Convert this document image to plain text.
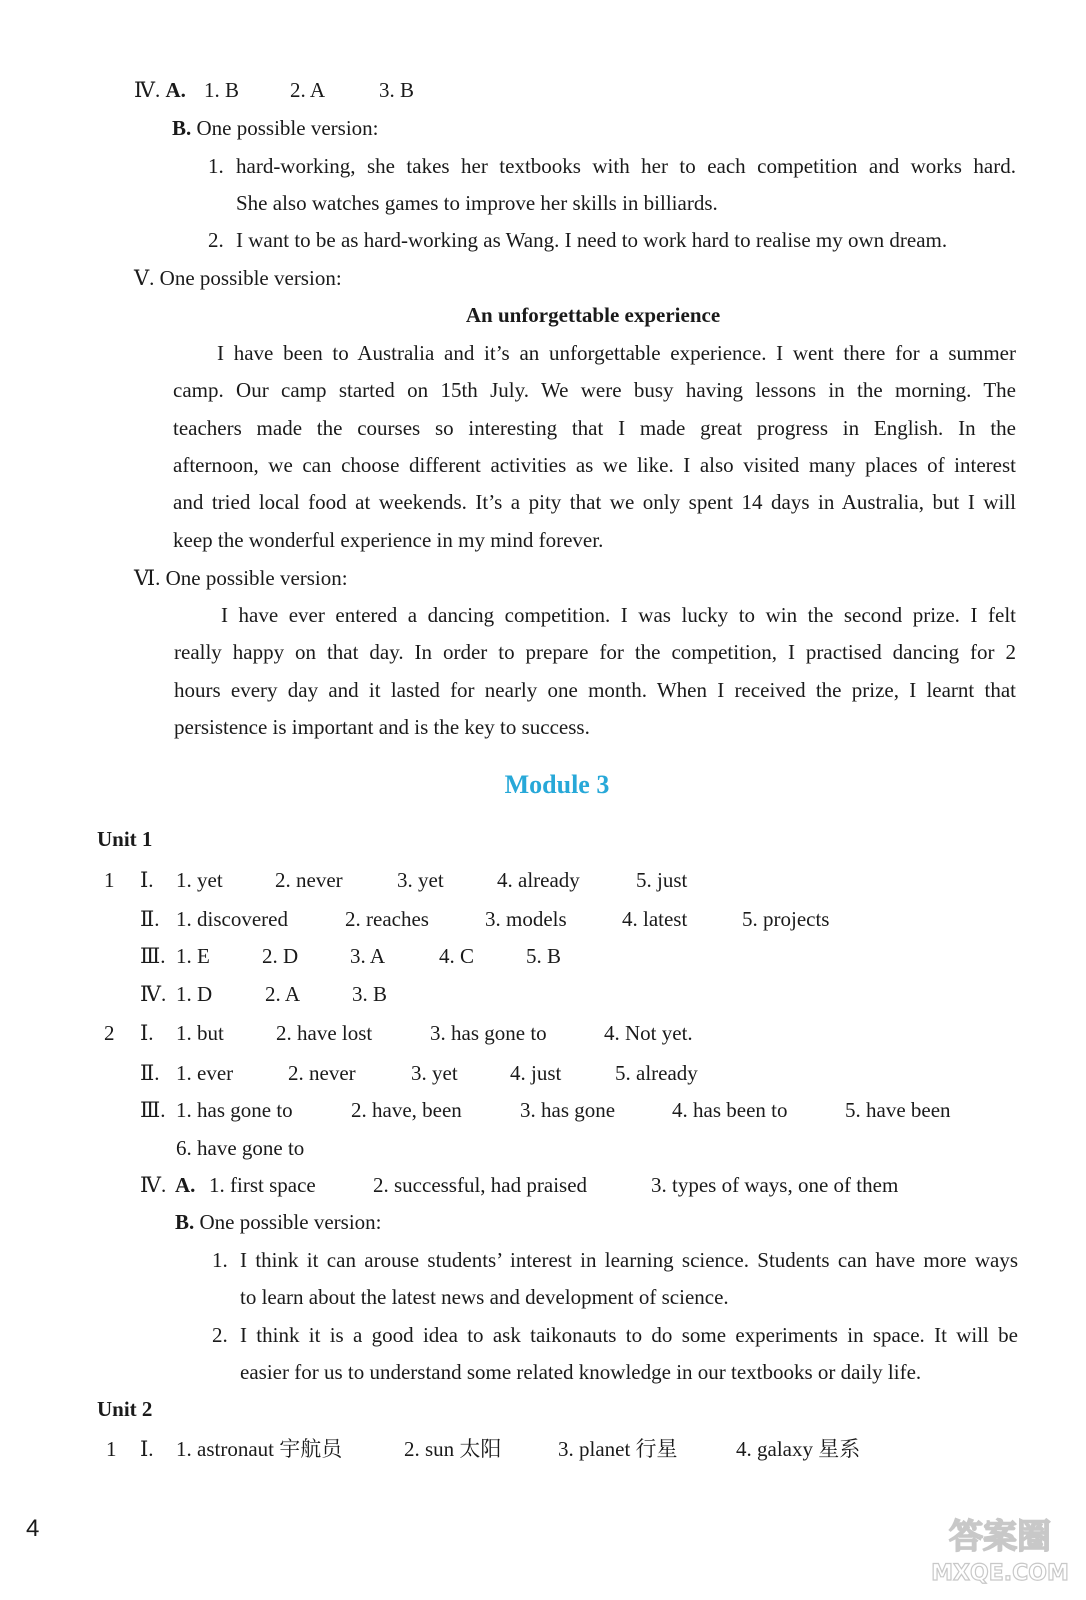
Ⅳ. A. 1. B 2. A	3. B
B. One possible version:
1. hard-working, she takes her textbooks with her to each competition and works hard.
She also watches games to improve her skills in billiards.
2. I want to be as hard-working as Wang. I need to work hard to realise my own dream.
Ⅴ. One possible version:
An unforgettable experience
I have been to Australia and it’s an unforgettable experience. I went there for a summer
camp. Our camp started on 15th July. We were busy having lessons in the morning. The
teachers made the courses so interesting that I made great progress in English. In the
afternoon, we can choose different activities as we like. I also visited many places of interest
and tried local food at weekends. It’s a pity that we only spent 14 days in Australia, but I will
keep the wonderful experience in my mind forever.
Ⅵ. One possible version:
I have ever entered a dancing competition. I was lucky to win the second prize. I felt
really happy on that day. In order to prepare for the competition, I practised dancing for 2
hours every day and it lasted for nearly one month. When I received the prize, I learnt that
persistence is important and is the key to success.
Module 3
Unit 1
1 Ⅰ. 1. yet 2. never	3. yet	4. already	5. just
Ⅱ. 1. discovered	2. reaches	3. models	4. latest	5. projects
Ⅲ. 1. E 2. D 3. A	4. C 5. B
Ⅳ. 1. D	2. A 3. B
2 Ⅰ. 1. but 2. have lost	3. has gone to	4. Not yet.
Ⅱ. 1. ever	2. never	3. yet 4. just	5. already
Ⅲ. 1. has gone to	2. have, been	3. has gone	4. has been to	5. have been
6. have gone to
Ⅳ. A. 1. first space	2. successful, had praised	3. types of ways, one of them
B. One possible version:
1. I think it can arouse students’ interest in learning science. Students can have more ways
to learn about the latest news and development of science.
2. I think it is a good idea to ask taikonauts to do some experiments in space. It will be
easier for us to understand some related knowledge in our textbooks or daily life.
Unit 2
1 Ⅰ. 1. astronaut 宇航员	2. sun 太阳	3. planet 行星	4. galaxy 星系
4	答案圈
MXQE.COM
